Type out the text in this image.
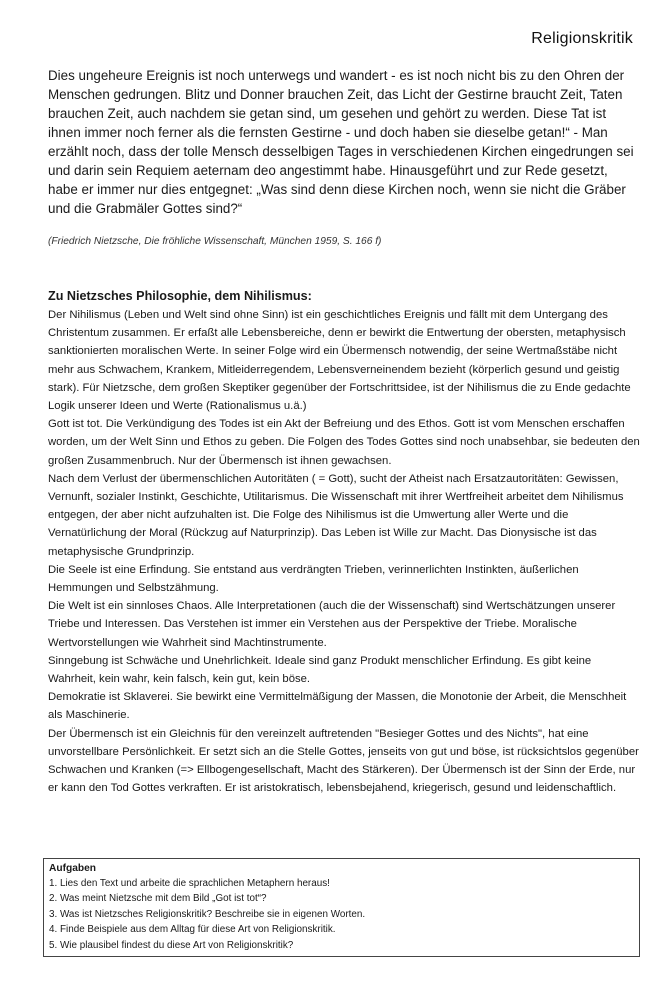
Religionskritik
Dies ungeheure Ereignis ist noch unterwegs und wandert - es ist noch nicht bis zu den Ohren der Menschen gedrungen. Blitz und Donner brauchen Zeit, das Licht der Gestirne braucht Zeit, Taten brauchen Zeit, auch nachdem sie getan sind, um gesehen und gehört zu werden. Diese Tat ist ihnen immer noch ferner als die fernsten Gestirne - und doch haben sie dieselbe getan!“ - Man erzählt noch, dass der tolle Mensch desselbigen Tages in verschiedenen Kirchen eingedrungen sei und darin sein Requiem aeternam deo angestimmt habe. Hinausgeführt und zur Rede gesetzt, habe er immer nur dies entgegnet: „Was sind denn diese Kirchen noch, wenn sie nicht die Gräber und die Grabmäler Gottes sind?“
(Friedrich Nietzsche, Die fröhliche Wissenschaft, München 1959, S. 166 f)
Zu Nietzsches Philosophie, dem Nihilismus:

Der Nihilismus (Leben und Welt sind ohne Sinn) ist ein geschichtliches Ereignis und fällt mit dem Untergang des Christentum zusammen. Er erfaßt alle Lebensbereiche, denn er bewirkt die Entwertung der obersten, metaphysisch sanktionierten moralischen Werte. In seiner Folge wird ein Übermensch notwendig, der seine Wertmaßstäbe nicht mehr aus Schwachem, Krankem, Mitleiderregendem, Lebensverneinendem bezieht (körperlich gesund und geistig stark). Für Nietzsche, dem großen Skeptiker gegenüber der Fortschrittsidee, ist der Nihilismus die zu Ende gedachte Logik unserer Ideen und Werte (Rationalismus u.ä.)

Gott ist tot. Die Verkündigung des Todes ist ein Akt der Befreiung und des Ethos. Gott ist vom Menschen erschaffen worden, um der Welt Sinn und Ethos zu geben. Die Folgen des Todes Gottes sind noch unabsehbar, sie bedeuten den großen Zusammenbruch. Nur der Übermensch ist ihnen gewachsen.

Nach dem Verlust der übermenschlichen Autoritäten ( = Gott), sucht der Atheist nach Ersatzautoritäten: Gewissen, Vernunft, sozialer Instinkt, Geschichte, Utilitarismus. Die Wissenschaft mit ihrer Wertfreiheit arbeitet dem Nihilismus entgegen, der aber nicht aufzuhalten ist. Die Folge des Nihilismus ist die Umwertung aller Werte und die Vernatürlichung der Moral (Rückzug auf Naturprinzip). Das Leben ist Wille zur Macht. Das Dionysische ist das metaphysische Grundprinzip.

Die Seele ist eine Erfindung. Sie entstand aus verdrängten Trieben, verinnerlichten Instinkten, äußerlichen Hemmungen und Selbstzähmung.

Die Welt ist ein sinnloses Chaos. Alle Interpretationen (auch die der Wissenschaft) sind Wertschätzungen unserer Triebe und Interessen. Das Verstehen ist immer ein Verstehen aus der Perspektive der Triebe. Moralische Wertvorstellungen wie Wahrheit sind Machtinstrumente.

Sinngebung ist Schwäche und Unehrlichkeit. Ideale sind ganz Produkt menschlicher Erfindung. Es gibt keine Wahrheit, kein wahr, kein falsch, kein gut, kein böse.

Demokratie ist Sklaverei. Sie bewirkt eine Vermittelmäßigung der Massen, die Monotonie der Arbeit, die Menschheit als Maschinerie.

Der Übermensch ist ein Gleichnis für den vereinzelt auftretenden "Besieger Gottes und des Nichts", hat eine unvorstellbare Persönlichkeit. Er setzt sich an die Stelle Gottes, jenseits von gut und böse, ist rücksichtslos gegenüber Schwachen und Kranken (=> Ellbogengesellschaft, Macht des Stärkeren). Der Übermensch ist der Sinn der Erde, nur er kann den Tod Gottes verkraften. Er ist aristokratisch, lebensbejahend, kriegerisch, gesund und leidenschaftlich.

Aufgaben
1. Lies den Text und arbeite die sprachlichen Metaphern heraus!
2. Was meint Nietzsche mit dem Bild „Got ist tot“?
3. Was ist Nietzsches Religionskritik? Beschreibe sie in eigenen Worten.
4. Finde Beispiele aus dem Alltag für diese Art von Religionskritik.
5. Wie plausibel findest du diese Art von Religionskritik?
